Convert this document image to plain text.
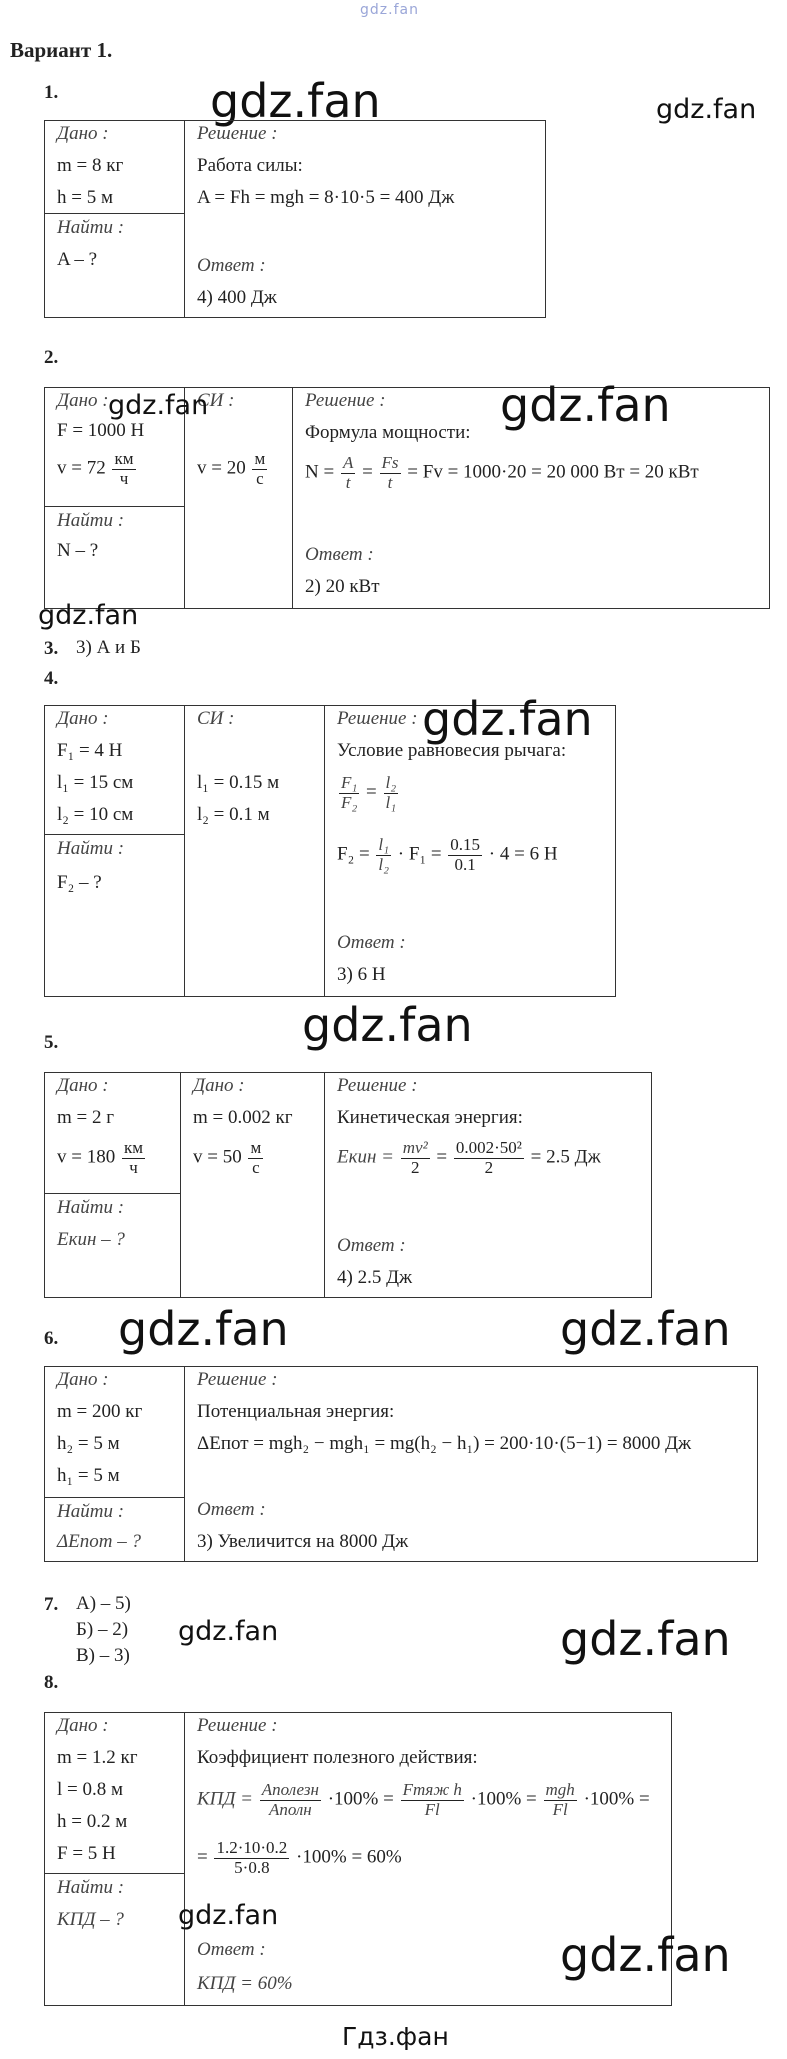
gdz.fan
Вариант 1.
1.	gdz.fan	gdz.fan
Дано :
m = 8 кг
h = 5 м
Найти :
A – ?
Решение :
Работа силы:
A = Fh = mgh = 8·10·5 = 400 Дж
Ответ :
4) 400 Дж
2.
Дано :
F = 1000 Н
$v = 72 \frac{км}{ч}$
Найти :
N – ?
СИ :
$v = 20 \frac{м}{с}$
Решение :
Формула мощности:
$N = \frac{A}{t} = \frac{Fs}{t} = Fv = 1000\cdot 20 = 20$ 000 Вт = 20 кВт
Ответ :
2) 20 кВт
gdz.fan	gdz.fan
gdz.fan
3. 3) А и Б
4.
Дано :
F₁ = 4 Н
l₁ = 15 см
l₂ = 10 см
Найти :
F₂ – ?
СИ :
l₁ = 0.15 м
l₂ = 0.1 м
Решение :
Условие равновесия рычага:
$\frac{\text{F₁}}{\text{F₂}} = \frac{\text{l₂}}{\text{l₁}}$
$F_2 = \frac{\text{l₁}}{\text{l₂}} \cdot F_1 = \frac{0.15}{0.1} \cdot 4 = 6$ Н
Ответ :
3) 6 Н
gdz.fan
gdz.fan
5.
Дано :
m = 2 г
$v = 180 \frac{км}{ч}$
Найти :
Eкин – ?
Дано :
m = 0.002 кг
$v = 50 \frac{м}{с}$
Решение :
Кинетическая энергия:
Eкин = $\frac{\text{mv²}}{2} = \frac{\text{0.002·50²}}{2} = 2.5$ Дж
Ответ :
4) 2.5 Дж
gdz.fan	gdz.fan
6.
Дано :
m = 200 кг
h₂ = 5 м
h₁ = 5 м
Найти :
ΔEпот – ?
Решение :
Потенциальная энергия:
ΔEпот = mgh₂ − mgh₁ = mg(h₂ − h₁) = 200·10·(5−1) = 8000 Дж
Ответ :
3) Увеличится на 8000 Дж
7. А) – 5)
Б) – 2)
В) – 3)
gdz.fan	gdz.fan
8.
Дано :
m = 1.2 кг
l = 0.8 м
h = 0.2 м
F = 5 Н
Найти :
КПД – ?
Решение :
Коэффициент полезного действия:
КПД = $\frac{\text{Aполезн}}{\text{Aполн}} \cdot 100\% = \frac{\text{Fтяж h}}{Fl} \cdot 100\% = \frac{\text{mgh}}{Fl} \cdot 100\%$ =
= $\frac{1.2\cdot 10\cdot 0.2}{5\cdot 0.8} \cdot 100\% = 60\%$
Ответ :
КПД = 60%
gdz.fan
gdz.fan
Гдз.фан
